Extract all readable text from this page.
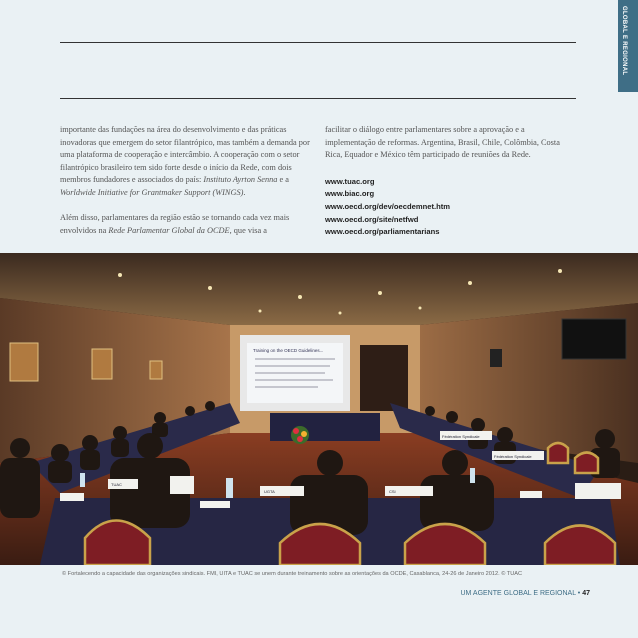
GLOBAL E REGIONAL

importante das fundações na área do desenvolvimento e das práticas inovadoras que emergem do setor filantrópico, mas também a demanda por uma plataforma de cooperação e intercâmbio. A cooperação com o setor filantrópico brasileiro tem sido forte desde o início da Rede, com dois membros fundadores e associados do país: Instituto Ayrton Senna e a Worldwide Initiative for Grantmaker Support (WINGS).

Além disso, parlamentares da região estão se tornando cada vez mais envolvidos na Rede Parlamentar Global da OCDE, que visa a

facilitar o diálogo entre parlamentares sobre a aprovação e a implementação de reformas. Argentina, Brasil, Chile, Colômbia, Costa Rica, Equador e México têm participado de reuniões da Rede.

www.tuac.org
www.biac.org
www.oecd.org/dev/oecdemnet.htm
www.oecd.org/site/netfwd
www.oecd.org/parliamentarians
Training on the OECD Guidelines...
TUAC
UGTA	CSI
Fédération Syndicale
Fédération Syndicale
© Fortalecendo a capacidade das organizações sindicais. FMI, UITA e TUAC se unem durante treinamento sobre as orientações da OCDE, Casablanca, 24-26 de Janeiro 2012. © TUAC
UM AGENTE GLOBAL E REGIONAL • 47
